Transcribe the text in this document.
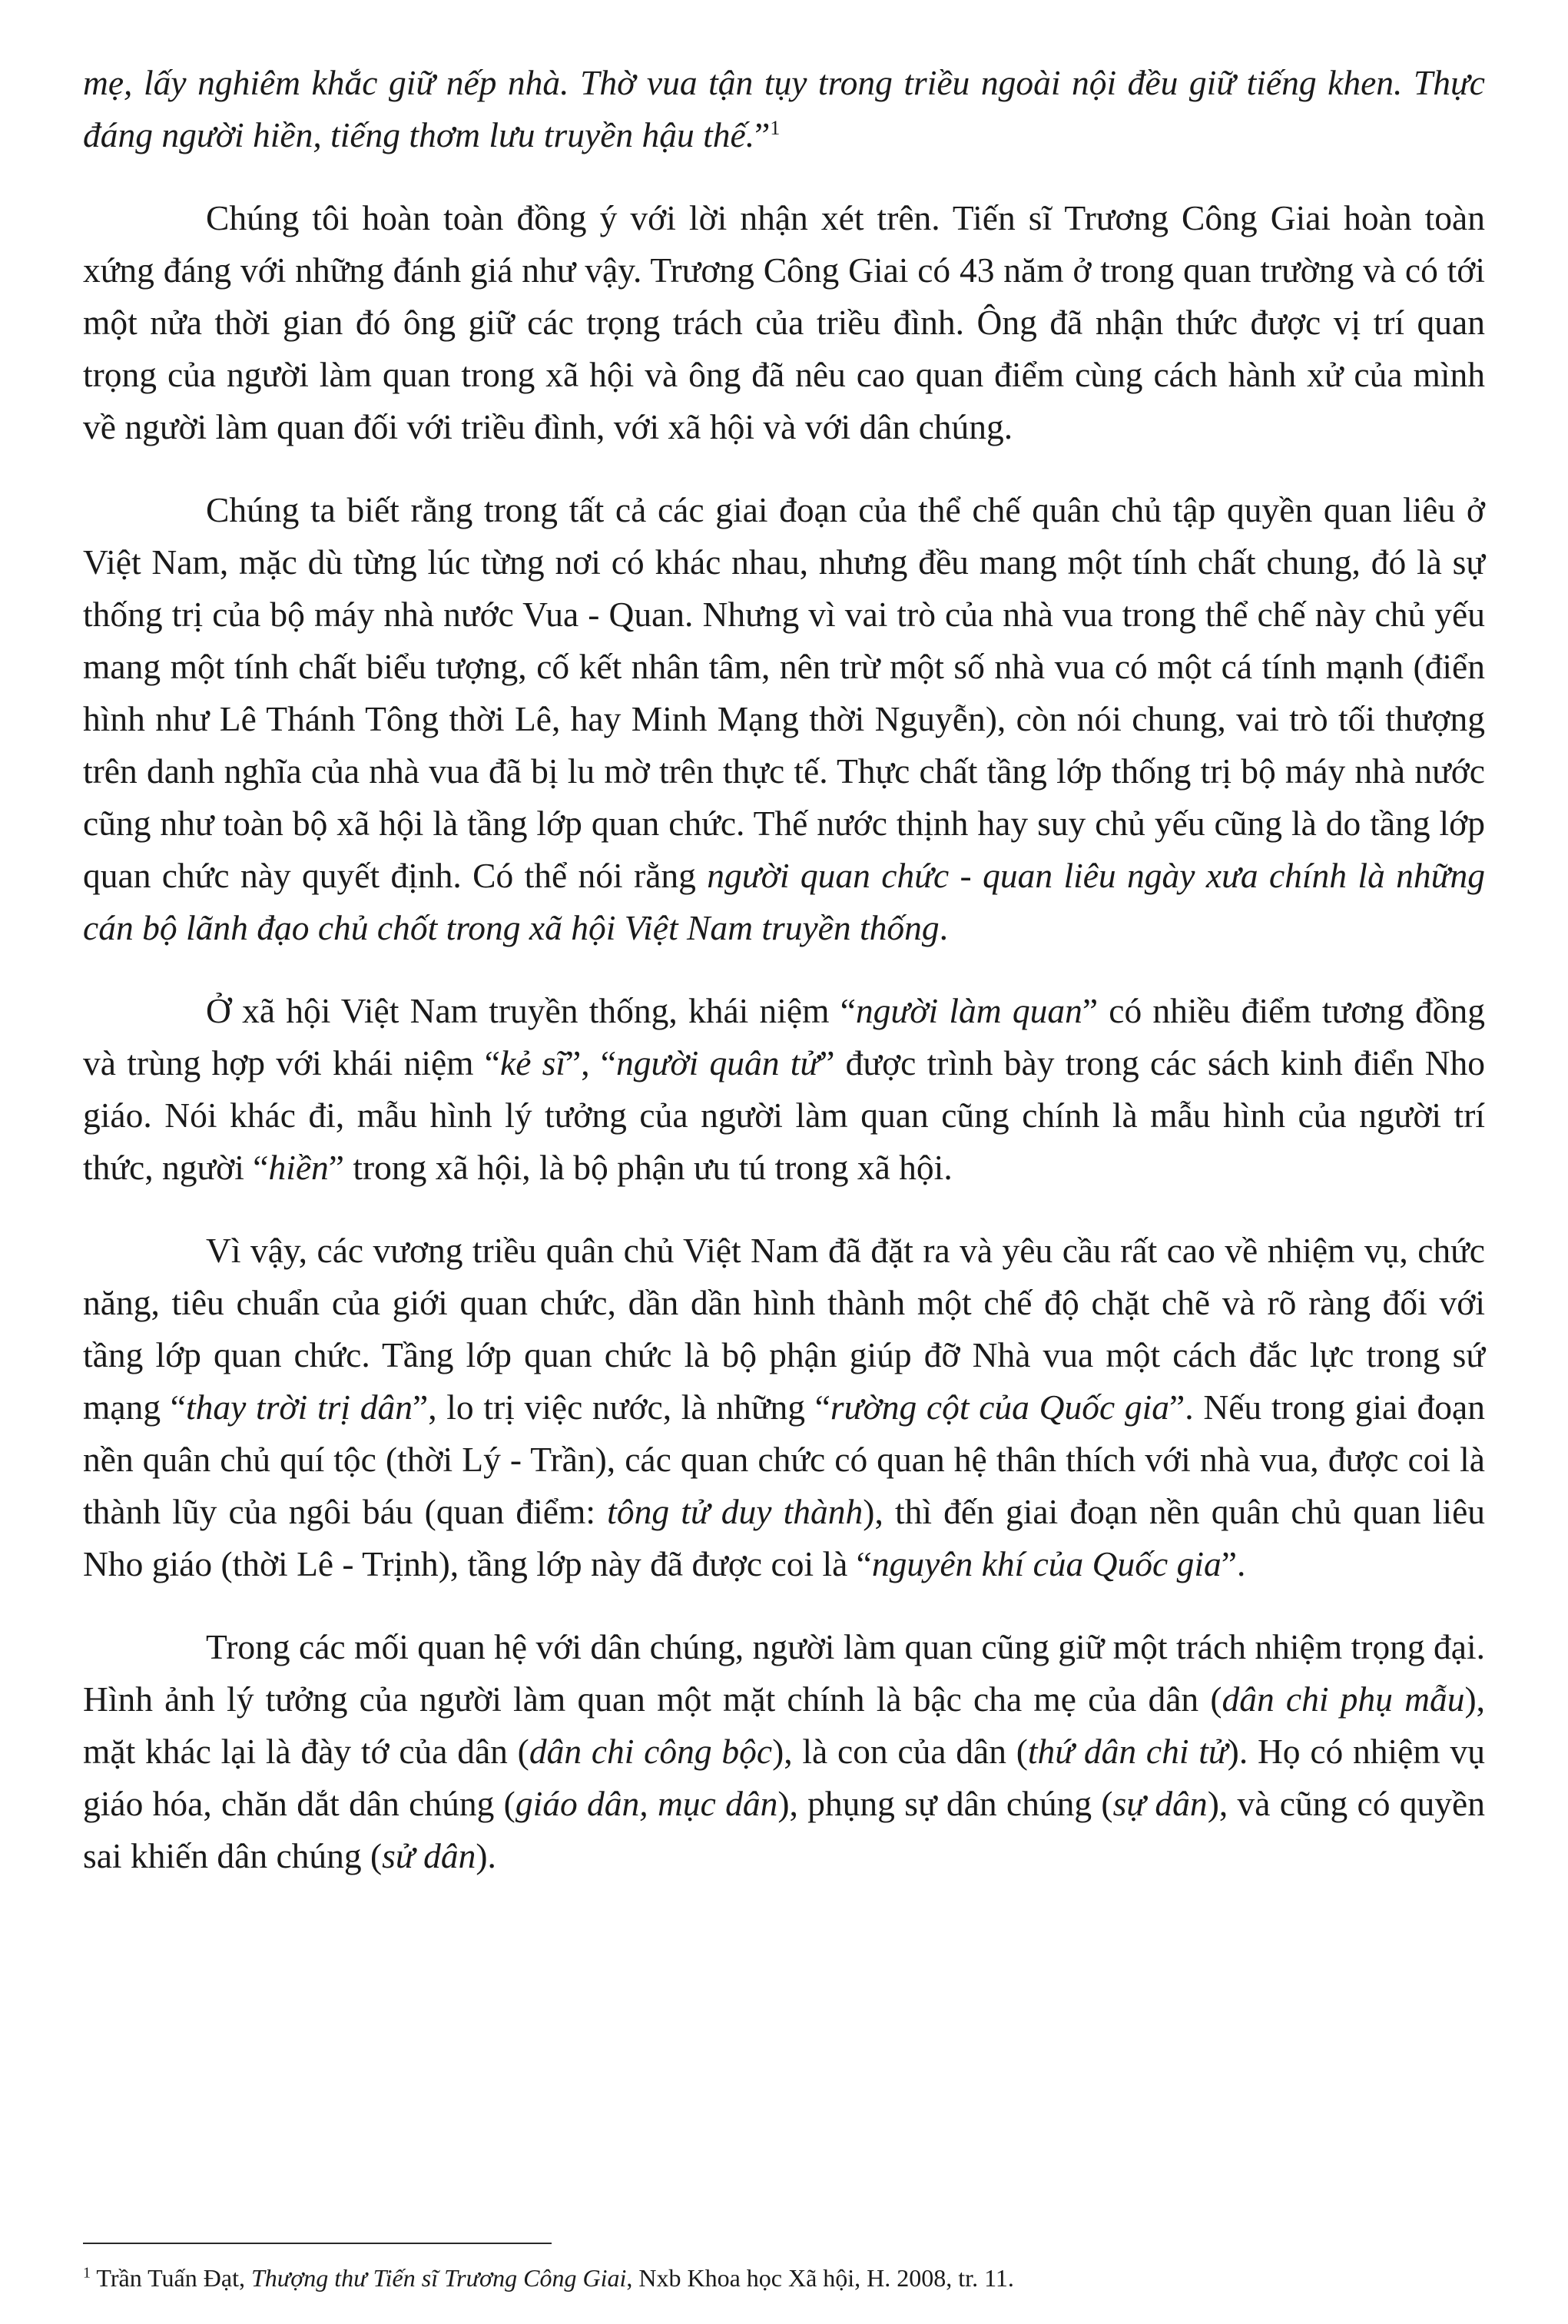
mẹ, lấy nghiêm khắc giữ nếp nhà. Thờ vua tận tụy trong triều ngoài nội đều giữ tiếng khen. Thực đáng người hiền, tiếng thơm lưu truyền hậu thế.”$^1$

Chúng tôi hoàn toàn đồng ý với lời nhận xét trên. Tiến sĩ Trương Công Giai hoàn toàn xứng đáng với những đánh giá như vậy. Trương Công Giai có 43 năm ở trong quan trường và có tới một nửa thời gian đó ông giữ các trọng trách của triều đình. Ông đã nhận thức được vị trí quan trọng của người làm quan trong xã hội và ông đã nêu cao quan điểm cùng cách hành xử của mình về người làm quan đối với triều đình, với xã hội và với dân chúng.

Chúng ta biết rằng trong tất cả các giai đoạn của thể chế quân chủ tập quyền quan liêu ở Việt Nam, mặc dù từng lúc từng nơi có khác nhau, nhưng đều mang một tính chất chung, đó là sự thống trị của bộ máy nhà nước Vua - Quan. Nhưng vì vai trò của nhà vua trong thể chế này chủ yếu mang một tính chất biểu tượng, cố kết nhân tâm, nên trừ một số nhà vua có một cá tính mạnh (điển hình như Lê Thánh Tông thời Lê, hay Minh Mạng thời Nguyễn), còn nói chung, vai trò tối thượng trên danh nghĩa của nhà vua đã bị lu mờ trên thực tế. Thực chất tầng lớp thống trị bộ máy nhà nước cũng như toàn bộ xã hội là tầng lớp quan chức. Thế nước thịnh hay suy chủ yếu cũng là do tầng lớp quan chức này quyết định. Có thể nói rằng người quan chức - quan liêu ngày xưa chính là những cán bộ lãnh đạo chủ chốt trong xã hội Việt Nam truyền thống.

Ở xã hội Việt Nam truyền thống, khái niệm “người làm quan” có nhiều điểm tương đồng và trùng hợp với khái niệm “kẻ sĩ”, “người quân tử” được trình bày trong các sách kinh điển Nho giáo. Nói khác đi, mẫu hình lý tưởng của người làm quan cũng chính là mẫu hình của người trí thức, người “hiền” trong xã hội, là bộ phận ưu tú trong xã hội.

Vì vậy, các vương triều quân chủ Việt Nam đã đặt ra và yêu cầu rất cao về nhiệm vụ, chức năng, tiêu chuẩn của giới quan chức, dần dần hình thành một chế độ chặt chẽ và rõ ràng đối với tầng lớp quan chức. Tầng lớp quan chức là bộ phận giúp đỡ Nhà vua một cách đắc lực trong sứ mạng “thay trời trị dân”, lo trị việc nước, là những “rường cột của Quốc gia”. Nếu trong giai đoạn nền quân chủ quí tộc (thời Lý - Trần), các quan chức có quan hệ thân thích với nhà vua, được coi là thành lũy của ngôi báu (quan điểm: tông tử duy thành), thì đến giai đoạn nền quân chủ quan liêu Nho giáo (thời Lê - Trịnh), tầng lớp này đã được coi là “nguyên khí của Quốc gia”.

Trong các mối quan hệ với dân chúng, người làm quan cũng giữ một trách nhiệm trọng đại. Hình ảnh lý tưởng của người làm quan một mặt chính là bậc cha mẹ của dân (dân chi phụ mẫu), mặt khác lại là đày tớ của dân (dân chi công bộc), là con của dân (thứ dân chi tử). Họ có nhiệm vụ giáo hóa, chăn dắt dân chúng (giáo dân, mục dân), phụng sự dân chúng (sự dân), và cũng có quyền sai khiến dân chúng (sử dân).

$^1$ Trần Tuấn Đạt, Thượng thư Tiến sĩ Trương Công Giai, Nxb Khoa học Xã hội, H. 2008, tr. 11.
